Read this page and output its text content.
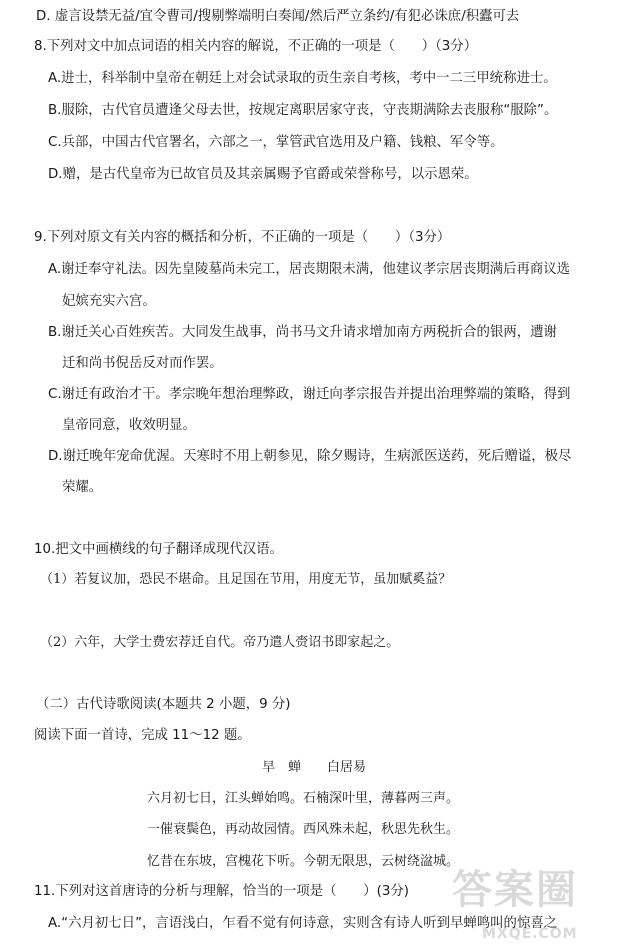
D. 虚言设禁无益/宜令曹司/搜剔弊端明白奏闻/然后严立条约/有犯必诛庶/积蠹可去
8.下列对文中加点词语的相关内容的解说，不正确的一项是（　　）（3分）
A.进士，科举制中皇帝在朝廷上对会试录取的贡生亲自考核，考中一二三甲统称进士。
B.服除，古代官员遭逢父母去世，按规定离职居家守丧，守丧期满除去丧服称“服除”。
C.兵部，中国古代官署名，六部之一，掌管武官选用及户籍、钱粮、军令等。
D.赠，是古代皇帝为已故官员及其亲属赐予官爵或荣誉称号，以示恩荣。
9.下列对原文有关内容的概括和分析，不正确的一项是（　　）（3分）
A.谢迁奉守礼法。因先皇陵墓尚未完工，居丧期限未满，他建议孝宗居丧期满后再商议选
妃嫔充实六宫。
B.谢迁关心百姓疾苦。大同发生战事，尚书马文升请求增加南方两税折合的银两，遭谢
迁和尚书倪岳反对而作罢。
C.谢迁有政治才干。孝宗晚年想治理弊政，谢迁向孝宗报告并提出治理弊端的策略，得到
皇帝同意，收效明显。
D.谢迁晚年宠命优渥。天寒时不用上朝参见，除夕赐诗，生病派医送药，死后赠谥，极尽
荣耀。
10.把文中画横线的句子翻译成现代汉语。
（1）若复议加，恐民不堪命。且足国在节用，用度无节，虽加赋奚益？
（2）六年，大学士费宏荐迁自代。帝乃遣人赍诏书即家起之。
（二）古代诗歌阅读(本题共 2 小题，9 分)
阅读下面一首诗，完成 11～12 题。
早　蝉　　白居易
六月初七日，江头蝉始鸣。石楠深叶里，薄暮两三声。
一催衰鬓色，再动故园情。西风殊未起，秋思先秋生。
忆昔在东坡，宫槐花下听。今朝无限思，云树绕湓城。
11.下列对这首唐诗的分析与理解，恰当的一项是（　　）(3分)
A.“六月初七日”，言语浅白，乍看不觉有何诗意，实则含有诗人听到早蝉鸣叫的惊喜之
答案圈
MXQE.COM
